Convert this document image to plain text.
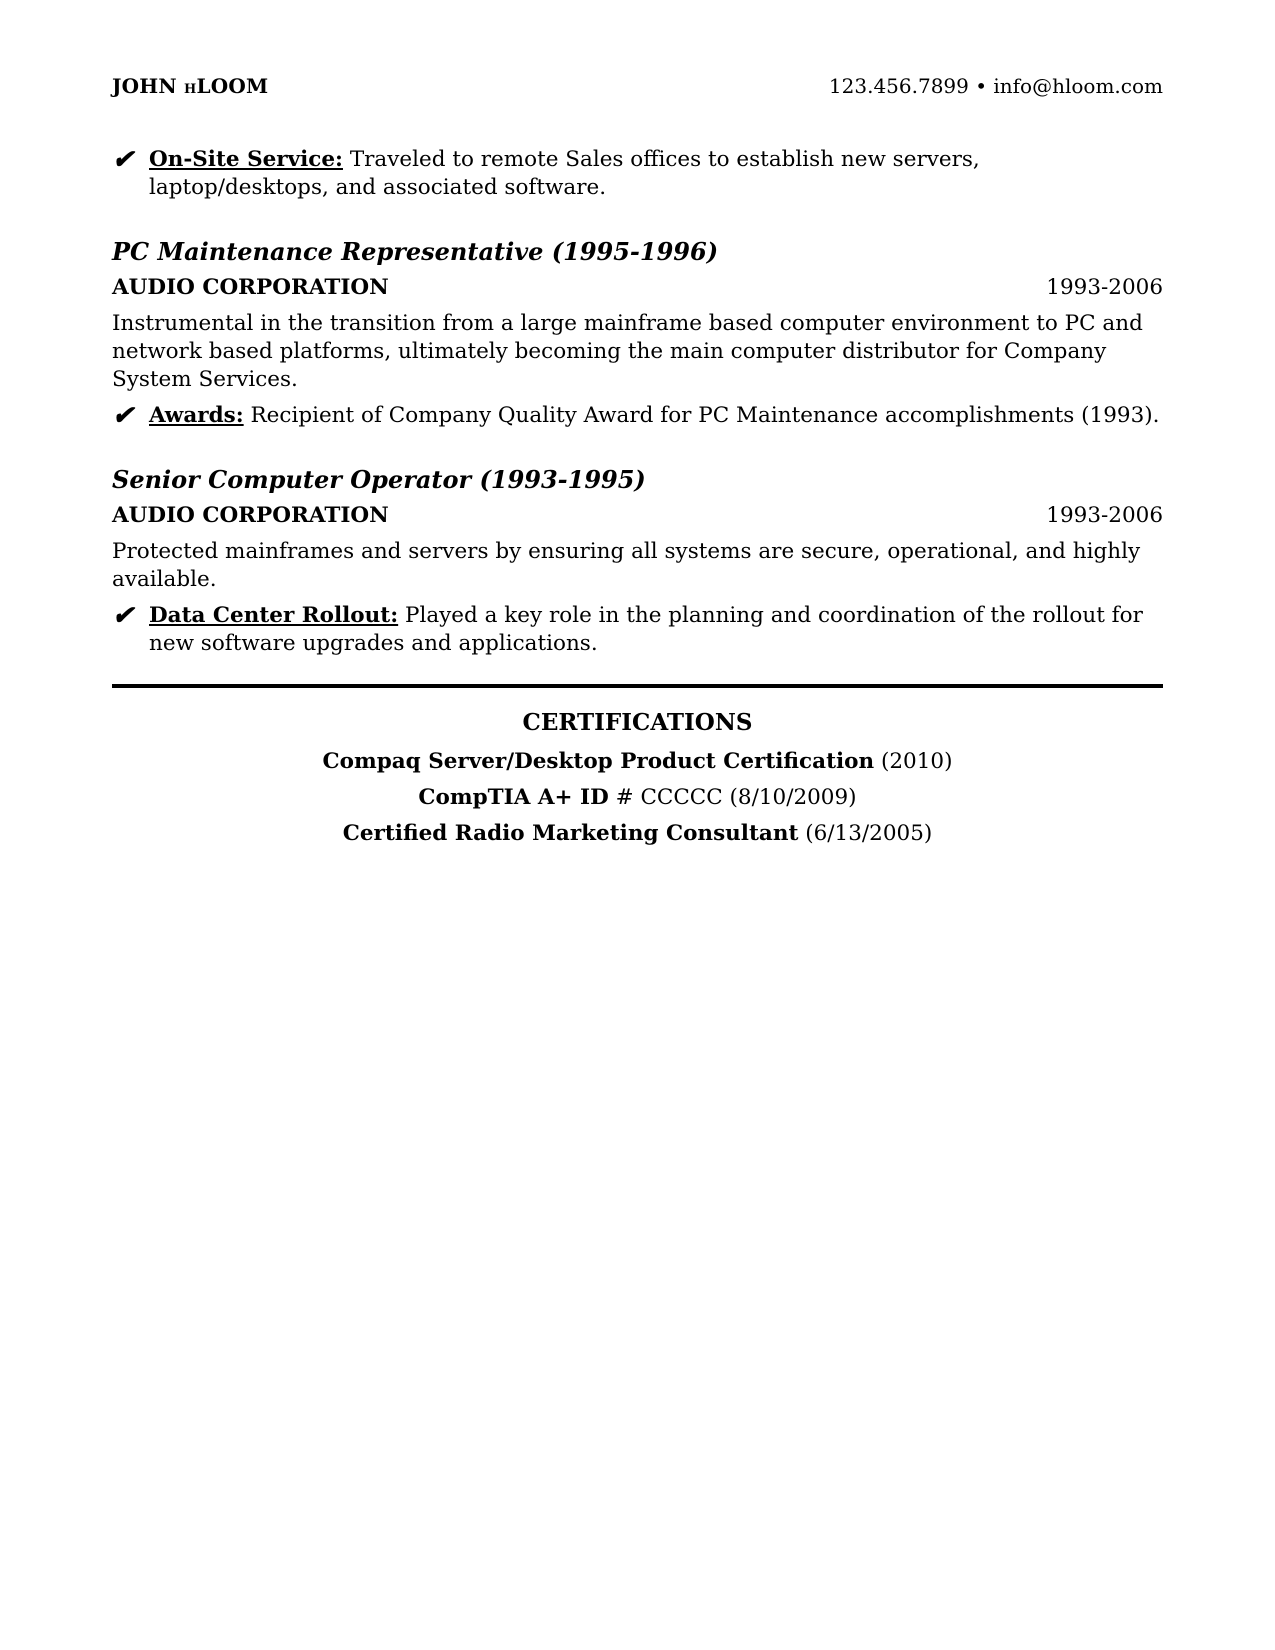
JOHN HLOOM	123.456.7899 • info@hloom.com
✔ On-Site Service: Traveled to remote Sales offices to establish new servers, laptop/desktops, and associated software.
PC Maintenance Representative (1995-1996)
AUDIO CORPORATION	1993-2006
Instrumental in the transition from a large mainframe based computer environment to PC and network based platforms, ultimately becoming the main computer distributor for Company System Services.
✔ Awards: Recipient of Company Quality Award for PC Maintenance accomplishments (1993).
Senior Computer Operator (1993-1995)
AUDIO CORPORATION	1993-2006
Protected mainframes and servers by ensuring all systems are secure, operational, and highly available.
✔ Data Center Rollout: Played a key role in the planning and coordination of the rollout for new software upgrades and applications.
CERTIFICATIONS
Compaq Server/Desktop Product Certification (2010)
CompTIA A+ ID # CCCCC (8/10/2009)
Certified Radio Marketing Consultant (6/13/2005)
